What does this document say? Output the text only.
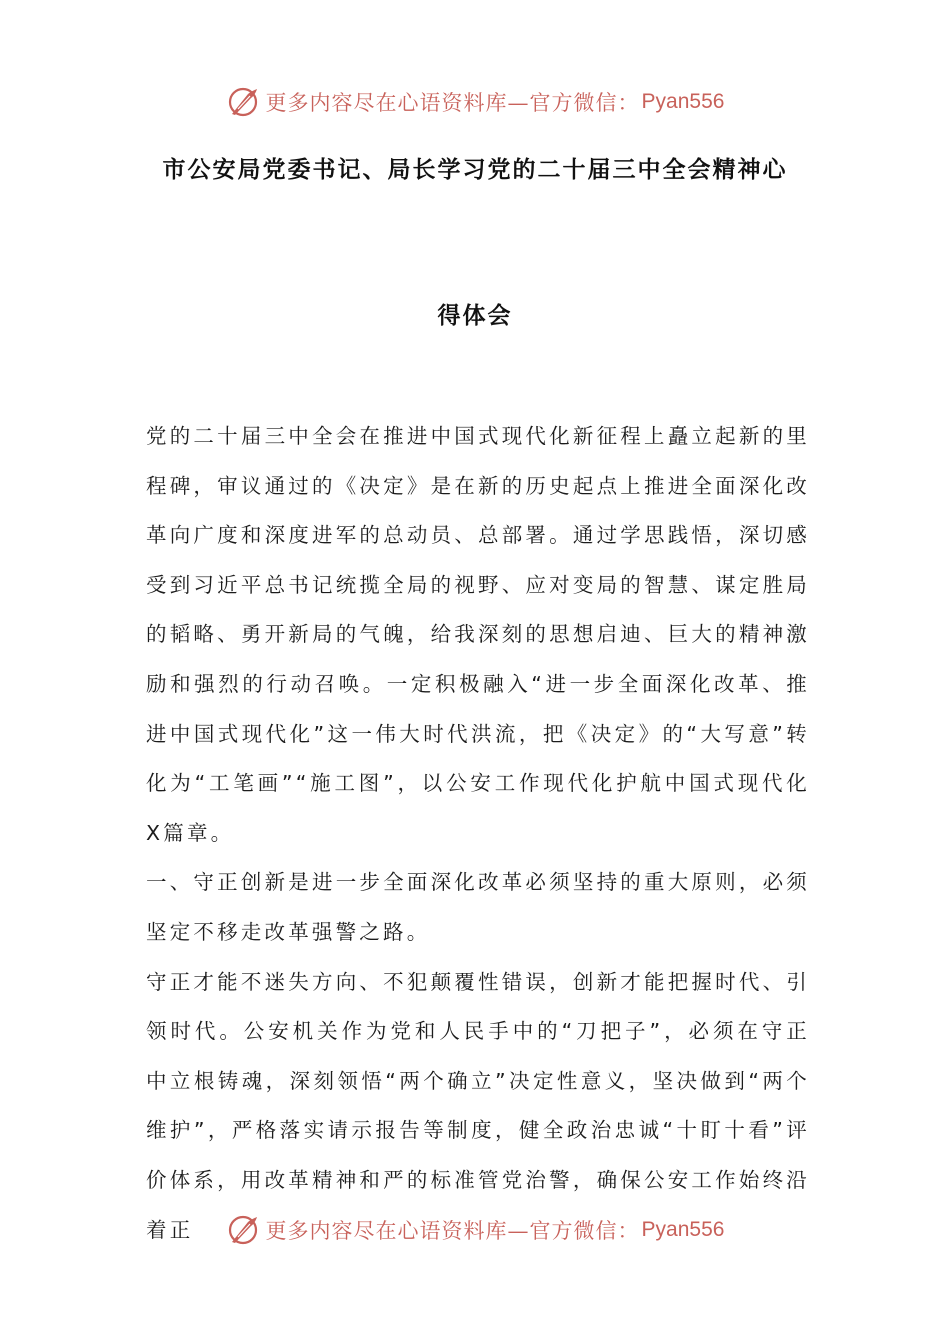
更多内容尽在心语资料库—官方微信： Pyan556
市公安局党委书记、局长学习党的二十届三中全会精神心
得体会

党的二十届三中全会在推进中国式现代化新征程上矗立起新的里程碑，审议通过的《决定》是在新的历史起点上推进全面深化改革向广度和深度进军的总动员、总部署。通过学思践悟，深切感受到习近平总书记统揽全局的视野、应对变局的智慧、谋定胜局的韬略、勇开新局的气魄，给我深刻的思想启迪、巨大的精神激励和强烈的行动召唤。一定积极融入“进一步全面深化改革、推进中国式现代化”这一伟大时代洪流，把《决定》的“大写意”转化为“工笔画”“施工图”，以公安工作现代化护航中国式现代化X篇章。

一、守正创新是进一步全面深化改革必须坚持的重大原则，必须坚定不移走改革强警之路。

守正才能不迷失方向、不犯颠覆性错误，创新才能把握时代、引领时代。公安机关作为党和人民手中的“刀把子”，必须在守正中立根铸魂，深刻领悟“两个确立”决定性意义，坚决做到“两个维护”，严格落实请示报告等制度，健全政治忠诚“十盯十看”评价体系，用改革精神和严的标准管党治警，确保公安工作始终沿着正	更多内容尽在心语资料库—官方微信： Pyan556
